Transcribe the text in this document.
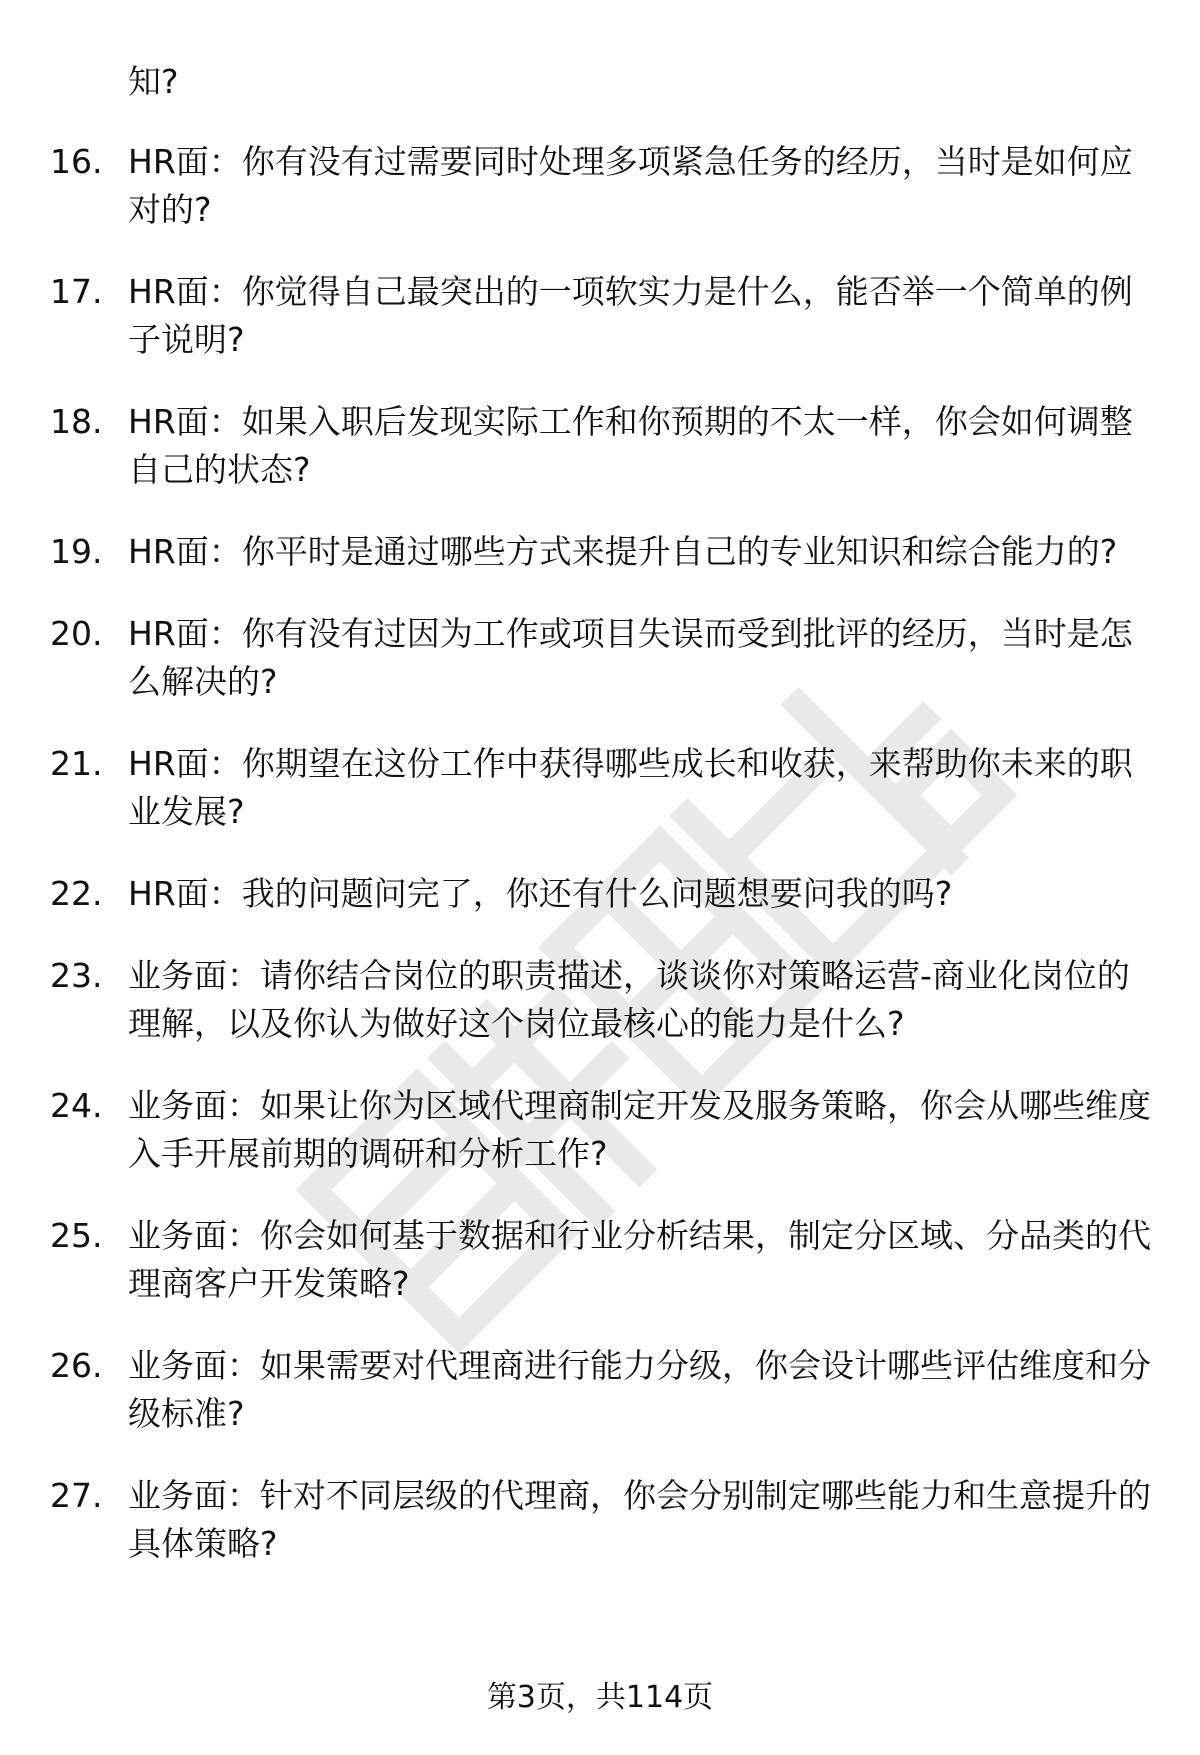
知?
16. HR面：你有没有过需要同时处理多项紧急任务的经历，当时是如何应对的?
17. HR面：你觉得自己最突出的一项软实力是什么，能否举一个简单的例子说明?
18. HR面：如果入职后发现实际工作和你预期的不太一样，你会如何调整自己的状态?
19. HR面：你平时是通过哪些方式来提升自己的专业知识和综合能力的?
20. HR面：你有没有过因为工作或项目失误而受到批评的经历，当时是怎么解决的?
21. HR面：你期望在这份工作中获得哪些成长和收获，来帮助你未来的职业发展?
22. HR面：我的问题问完了，你还有什么问题想要问我的吗?
23. 业务面：请你结合岗位的职责描述，谈谈你对策略运营-商业化岗位的理解，以及你认为做好这个岗位最核心的能力是什么?
24. 业务面：如果让你为区域代理商制定开发及服务策略，你会从哪些维度入手开展前期的调研和分析工作?
25. 业务面：你会如何基于数据和行业分析结果，制定分区域、分品类的代理商客户开发策略?
26. 业务面：如果需要对代理商进行能力分级，你会设计哪些评估维度和分级标准?
27. 业务面：针对不同层级的代理商，你会分别制定哪些能力和生意提升的具体策略?
第3页，共114页
